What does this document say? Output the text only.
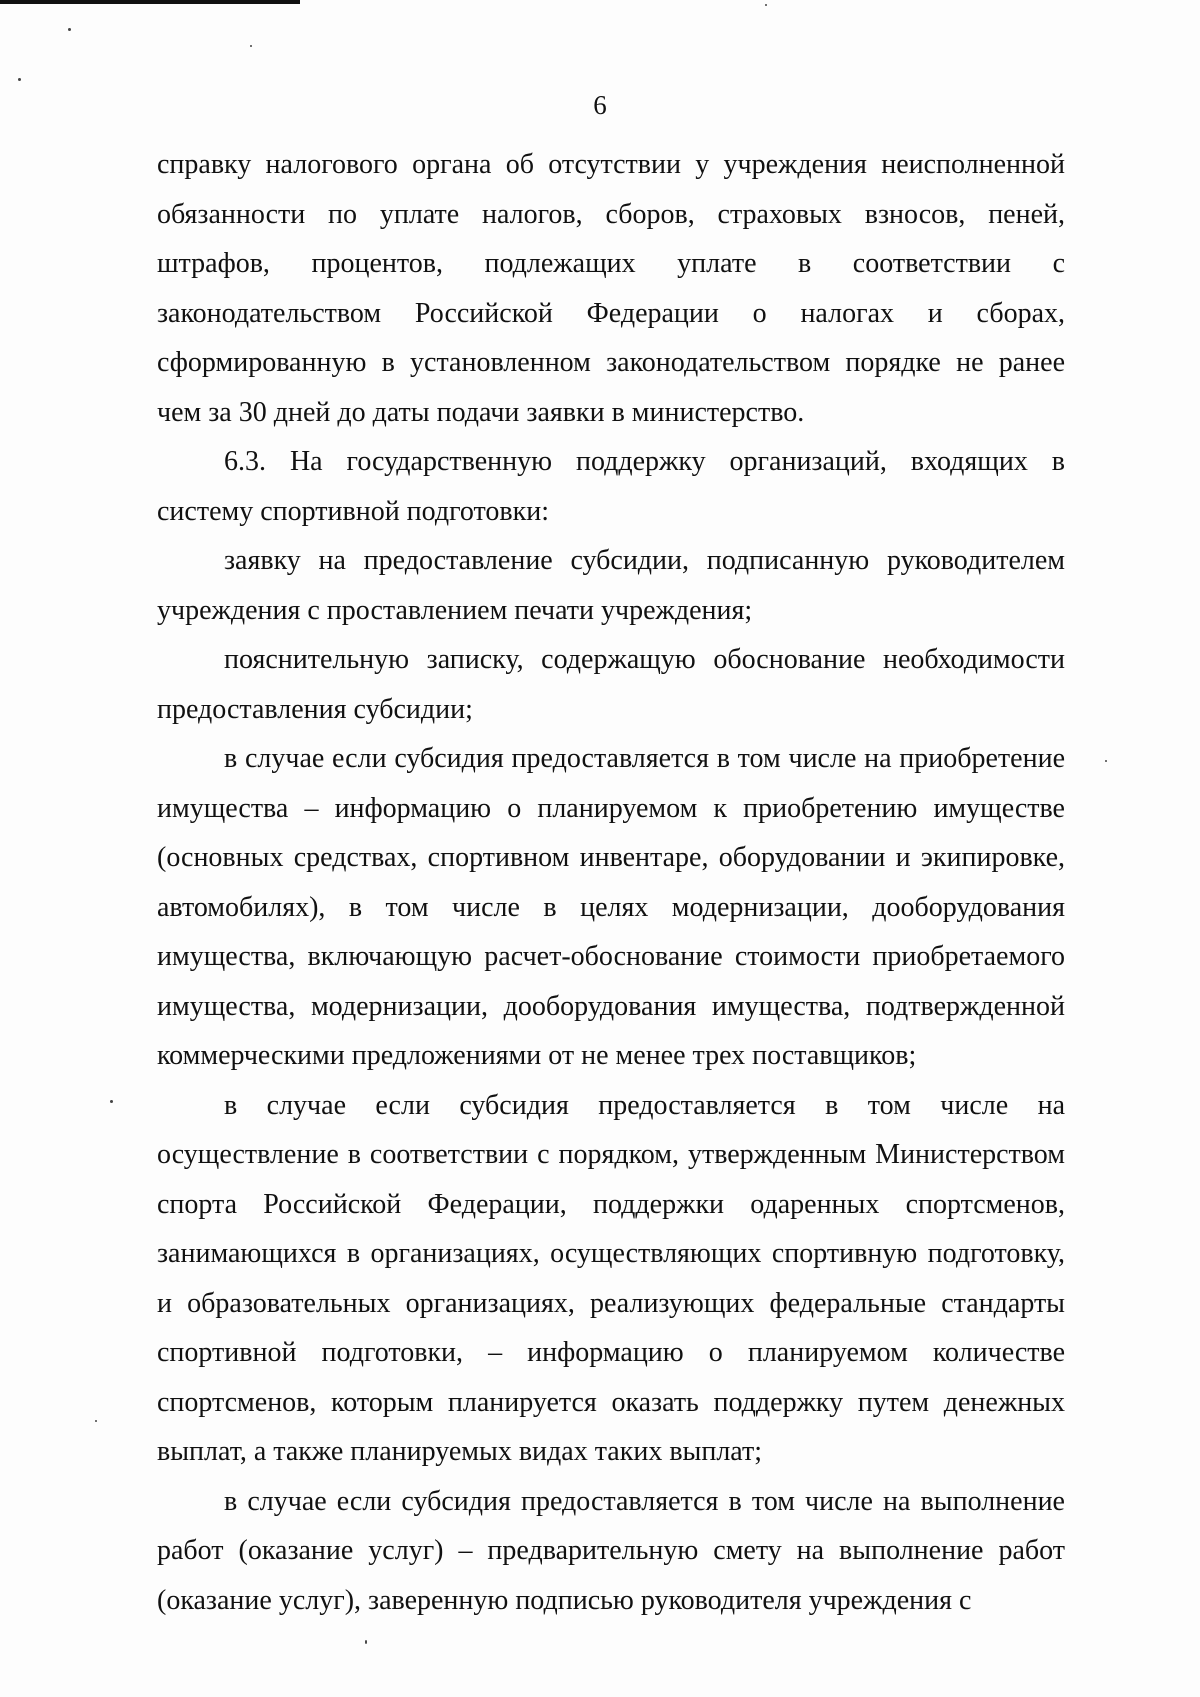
6

справку налогового органа об отсутствии у учреждения неисполненной обязанности по уплате налогов, сборов, страховых взносов, пеней, штрафов, процентов, подлежащих уплате в соответствии с законодательством Российской Федерации о налогах и сборах, сформированную в установленном законодательством порядке не ранее чем за 30 дней до даты подачи заявки в министерство.

6.3. На государственную поддержку организаций, входящих в систему спортивной подготовки:

заявку на предоставление субсидии, подписанную руководителем учреждения с проставлением печати учреждения;

пояснительную записку, содержащую обоснование необходимости предоставления субсидии;

в случае если субсидия предоставляется в том числе на приобретение имущества – информацию о планируемом к приобретению имуществе (основных средствах, спортивном инвентаре, оборудовании и экипировке, автомобилях), в том числе в целях модернизации, дооборудования имущества, включающую расчет-обоснование стоимости приобретаемого имущества, модернизации, дооборудования имущества, подтвержденной коммерческими предложениями от не менее трех поставщиков;

в случае если субсидия предоставляется в том числе на осуществление в соответствии с порядком, утвержденным Министерством спорта Российской Федерации, поддержки одаренных спортсменов, занимающихся в организациях, осуществляющих спортивную подготовку, и образовательных организациях, реализующих федеральные стандарты спортивной подготовки, – информацию о планируемом количестве спортсменов, которым планируется оказать поддержку путем денежных выплат, а также планируемых видах таких выплат;

в случае если субсидия предоставляется в том числе на выполнение работ (оказание услуг) – предварительную смету на выполнение работ (оказание услуг), заверенную подписью руководителя учреждения с
